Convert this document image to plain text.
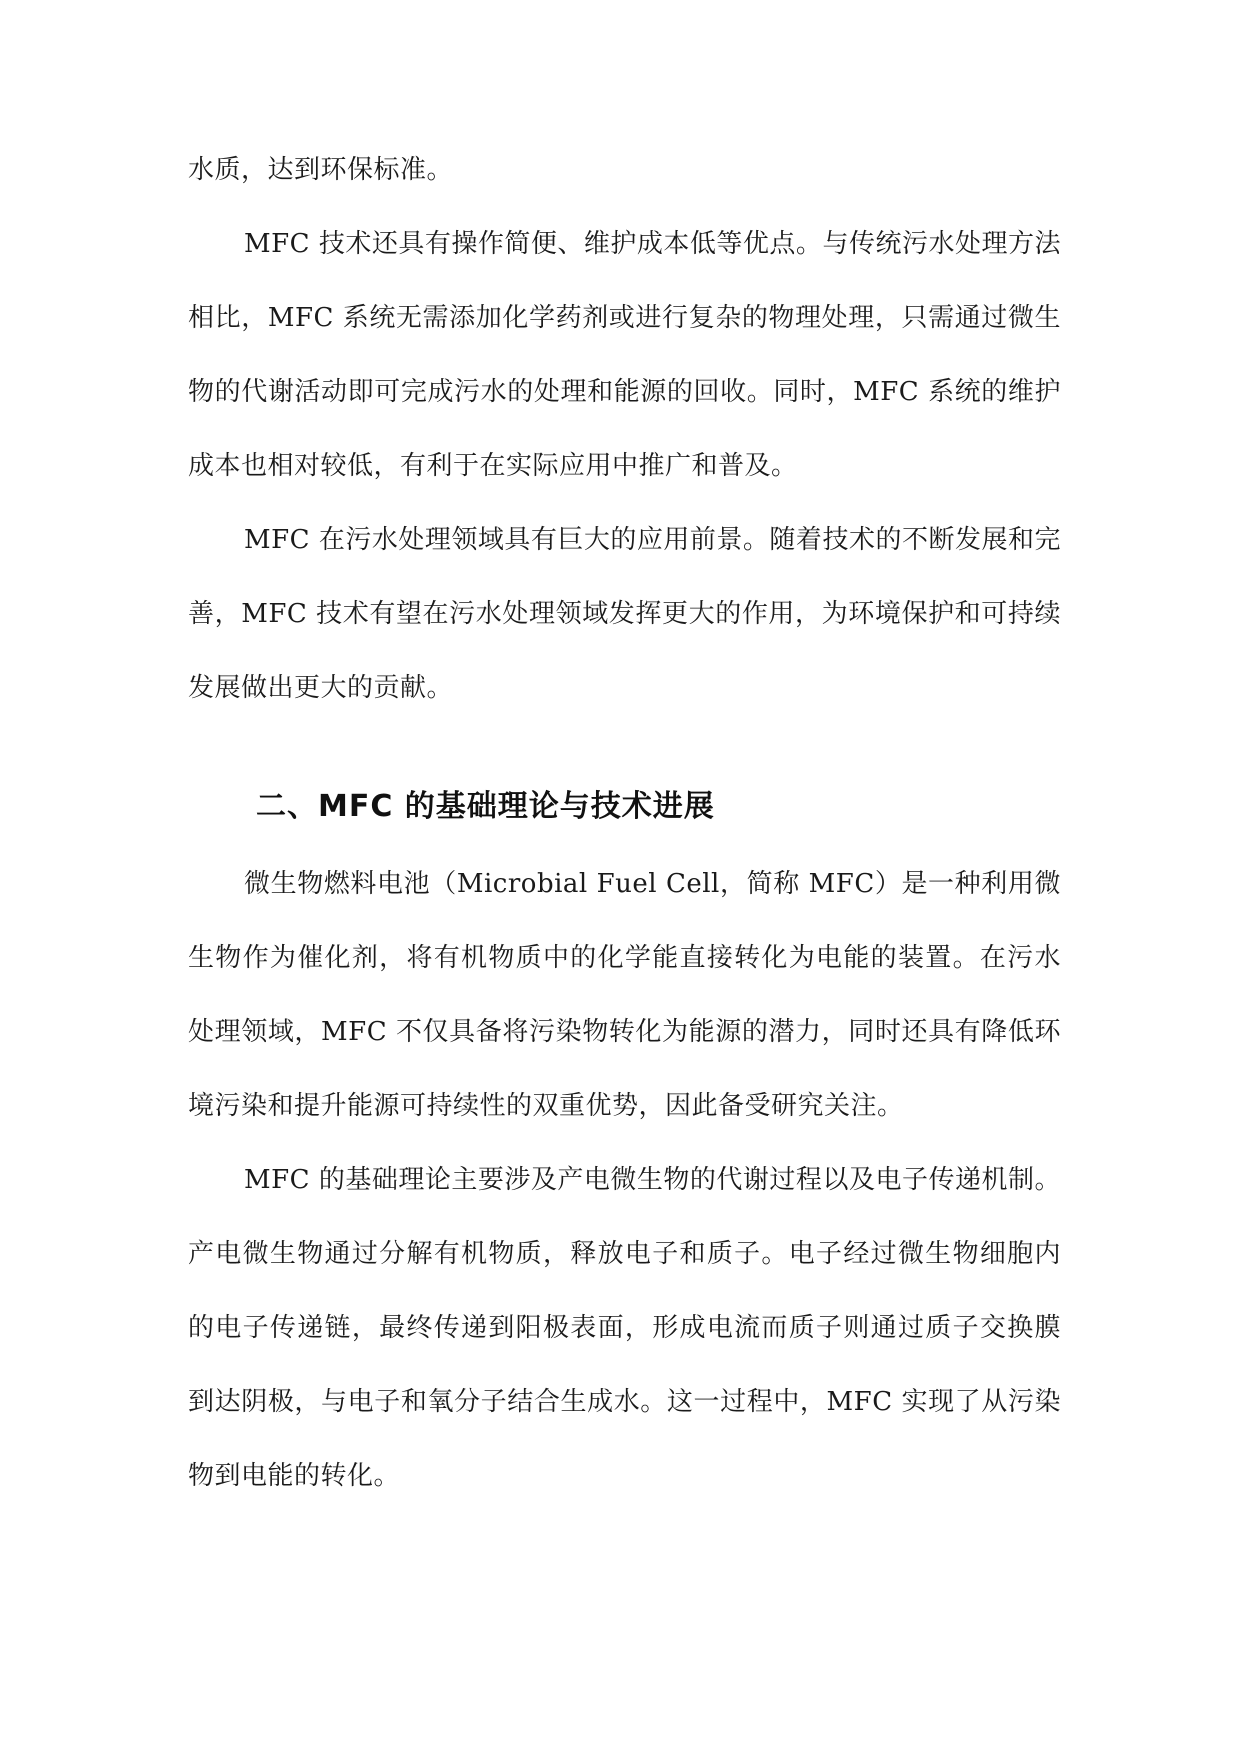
水质，达到环保标准。

MFC 技术还具有操作简便、维护成本低等优点。与传统污水处理方法相比，MFC 系统无需添加化学药剂或进行复杂的物理处理，只需通过微生物的代谢活动即可完成污水的处理和能源的回收。同时，MFC 系统的维护成本也相对较低，有利于在实际应用中推广和普及。

MFC 在污水处理领域具有巨大的应用前景。随着技术的不断发展和完善，MFC 技术有望在污水处理领域发挥更大的作用，为环境保护和可持续发展做出更大的贡献。

二、MFC 的基础理论与技术进展

微生物燃料电池（Microbial Fuel Cell，简称 MFC）是一种利用微生物作为催化剂，将有机物质中的化学能直接转化为电能的装置。在污水处理领域，MFC 不仅具备将污染物转化为能源的潜力，同时还具有降低环境污染和提升能源可持续性的双重优势，因此备受研究关注。

MFC 的基础理论主要涉及产电微生物的代谢过程以及电子传递机制。产电微生物通过分解有机物质，释放电子和质子。电子经过微生物细胞内的电子传递链，最终传递到阳极表面，形成电流而质子则通过质子交换膜到达阴极，与电子和氧分子结合生成水。这一过程中，MFC 实现了从污染物到电能的转化。
